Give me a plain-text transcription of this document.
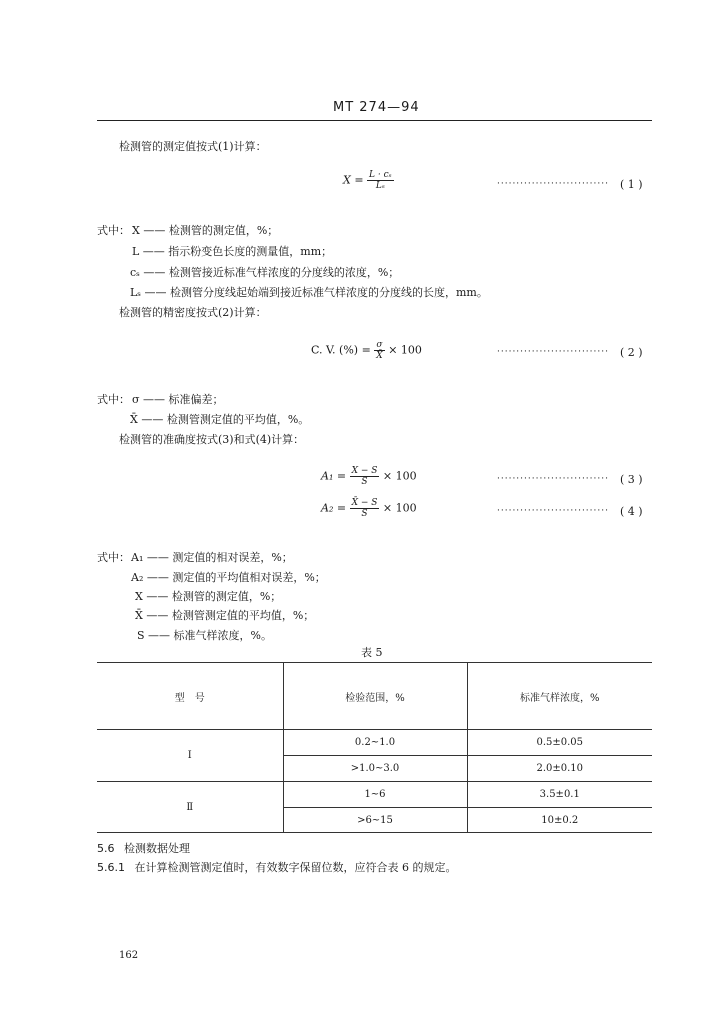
MT 274—94
检测管的测定值按式(1)计算：
$X = \frac{\text{L · cₛ}}{\text{Lₛ}}$	····························· ( 1 )
式中： X —— 检测管的测定值，%；
L —— 指示粉变色长度的测量值，mm；
cₛ —— 检测管接近标准气样浓度的分度线的浓度，%；
Lₛ —— 检测管分度线起始端到接近标准气样浓度的分度线的长度，mm。
检测管的精密度按式(2)计算：
C. V. (%) = $\frac{\sigma}{X̄} \times 100$	····························· ( 2 )
式中： σ —— 标准偏差；
X̄ —— 检测管测定值的平均值，%。
检测管的准确度按式(3)和式(4)计算：
$A_1 = \frac{X - S}{S} \times 100$	····························· ( 3 )
$A_2 = \frac{X̄ - S}{S} \times 100$	····························· ( 4 )
式中： A₁ —— 测定值的相对误差，%；
A₂ —— 测定值的平均值相对误差，%；
X —— 检测管的测定值，%；
X̄ —— 检测管测定值的平均值，%；
S —— 标准气样浓度，%。
表 5
型　号	检验范围，%	标准气样浓度，%
I	0.2~1.0	0.5±0.05
	>1.0~3.0	2.0±0.10
Ⅱ	1~6	3.5±0.1
	>6~15	10±0.2
5.6 检测数据处理
5.6.1 在计算检测管测定值时，有效数字保留位数，应符合表 6 的规定。
162
